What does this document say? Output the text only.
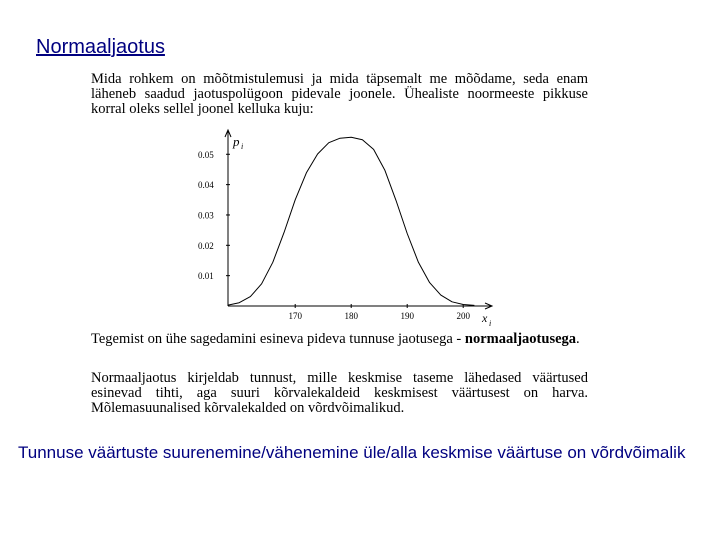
Normaaljaotus
Mida rohkem on mõõtmistulemusi ja mida täpsemalt me mõõdame, seda enam läheneb saadud jaotuspolügoon pidevale joonele. Ühealiste noormeeste pikkuse korral oleks sellel joonel kelluka kuju:
0.01
0.02
0.03
0.04
0.05
170	180	190	200
p i
x i
Tegemist on ühe sagedamini esineva pideva tunnuse jaotusega - normaaljaotusega.
Normaaljaotus kirjeldab tunnust, mille keskmise taseme lähedased väärtused esinevad tihti, aga suuri kõrvalekaldeid keskmisest väärtusest on harva. Mõlemasuunalised kõrvalekalded on võrdvõimalikud.
Tunnuse väärtuste suurenemine/vähenemine üle/alla keskmise väärtuse on võrdvõimalik
